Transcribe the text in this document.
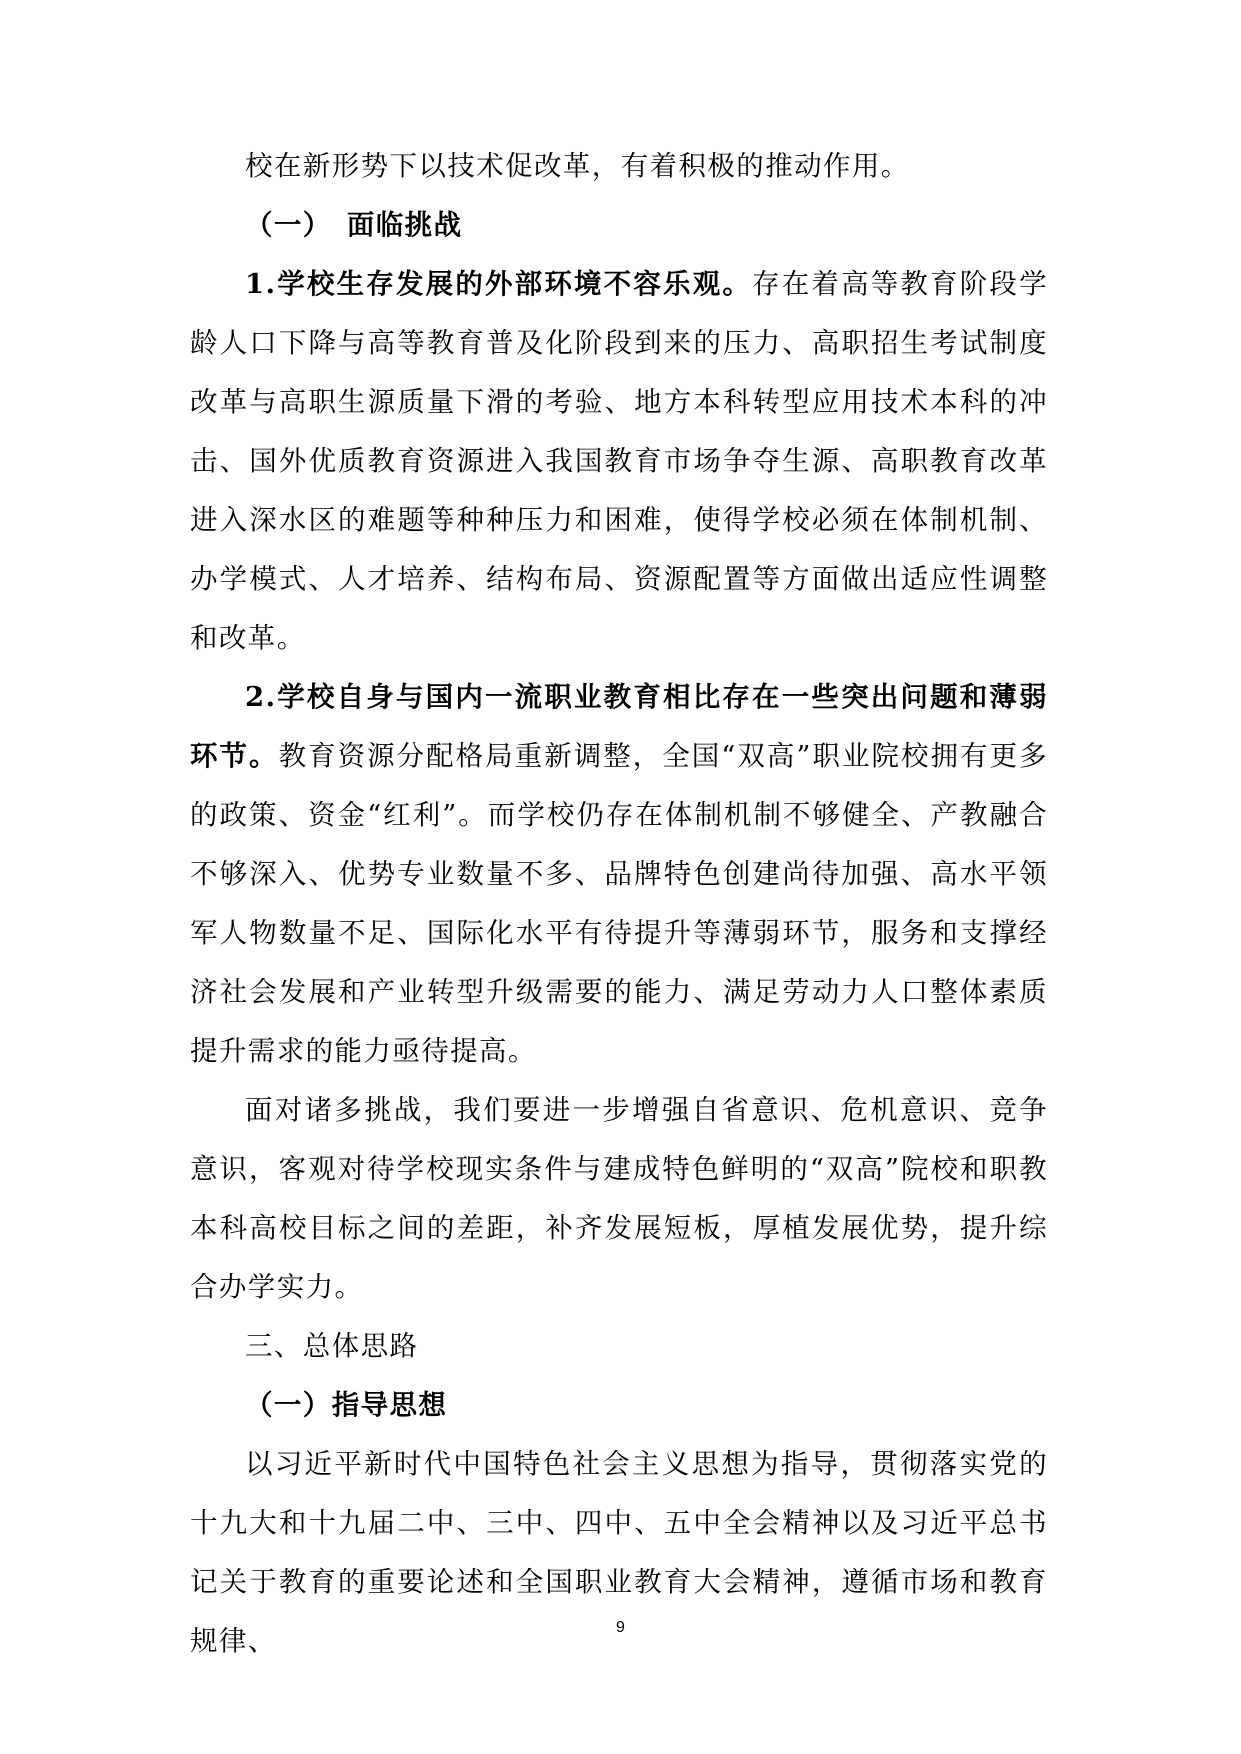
校在新形势下以技术促改革，有着积极的推动作用。

（一）　面临挑战

1.学校生存发展的外部环境不容乐观。存在着高等教育阶段学龄人口下降与高等教育普及化阶段到来的压力、高职招生考试制度改革与高职生源质量下滑的考验、地方本科转型应用技术本科的冲击、国外优质教育资源进入我国教育市场争夺生源、高职教育改革进入深水区的难题等种种压力和困难，使得学校必须在体制机制、办学模式、人才培养、结构布局、资源配置等方面做出适应性调整和改革。

2.学校自身与国内一流职业教育相比存在一些突出问题和薄弱环节。教育资源分配格局重新调整，全国“双高”职业院校拥有更多的政策、资金“红利”。而学校仍存在体制机制不够健全、产教融合不够深入、优势专业数量不多、品牌特色创建尚待加强、高水平领军人物数量不足、国际化水平有待提升等薄弱环节，服务和支撑经济社会发展和产业转型升级需要的能力、满足劳动力人口整体素质提升需求的能力亟待提高。

面对诸多挑战，我们要进一步增强自省意识、危机意识、竞争意识，客观对待学校现实条件与建成特色鲜明的“双高”院校和职教本科高校目标之间的差距，补齐发展短板，厚植发展优势，提升综合办学实力。

三、总体思路

（一）指导思想

以习近平新时代中国特色社会主义思想为指导，贯彻落实党的十九大和十九届二中、三中、四中、五中全会精神以及习近平总书记关于教育的重要论述和全国职业教育大会精神，遵循市场和教育规律、	9
